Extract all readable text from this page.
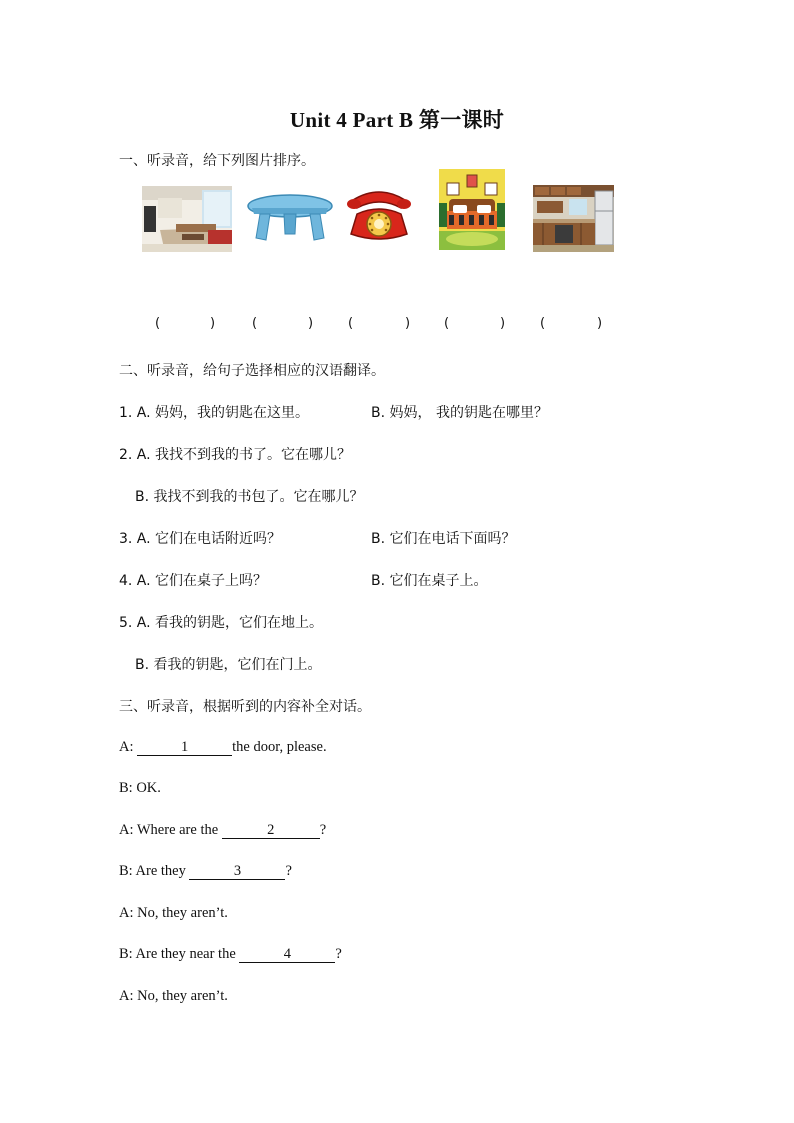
Unit 4 Part B 第一课时
一、听录音，给下列图片排序。
(	)	(	)	(	)	(	)	(	)
二、听录音，给句子选择相应的汉语翻译。
1. A. 妈妈，我的钥匙在这里。	B. 妈妈， 我的钥匙在哪里？
2. A. 我找不到我的书了。它在哪儿？
B. 我找不到我的书包了。它在哪儿？
3. A. 它们在电话附近吗？	B. 它们在电话下面吗？
4. A. 它们在桌子上吗？	B. 它们在桌子上。
5. A. 看我的钥匙，它们在地上。
B. 看我的钥匙，它们在门上。
三、听录音，根据听到的内容补全对话。
A:	1	the door, please.
B: OK.
A: Where are the	2	?
B: Are they	3	?
A: No, they aren’t.
B: Are they near the	4	?
A: No, they aren’t.
